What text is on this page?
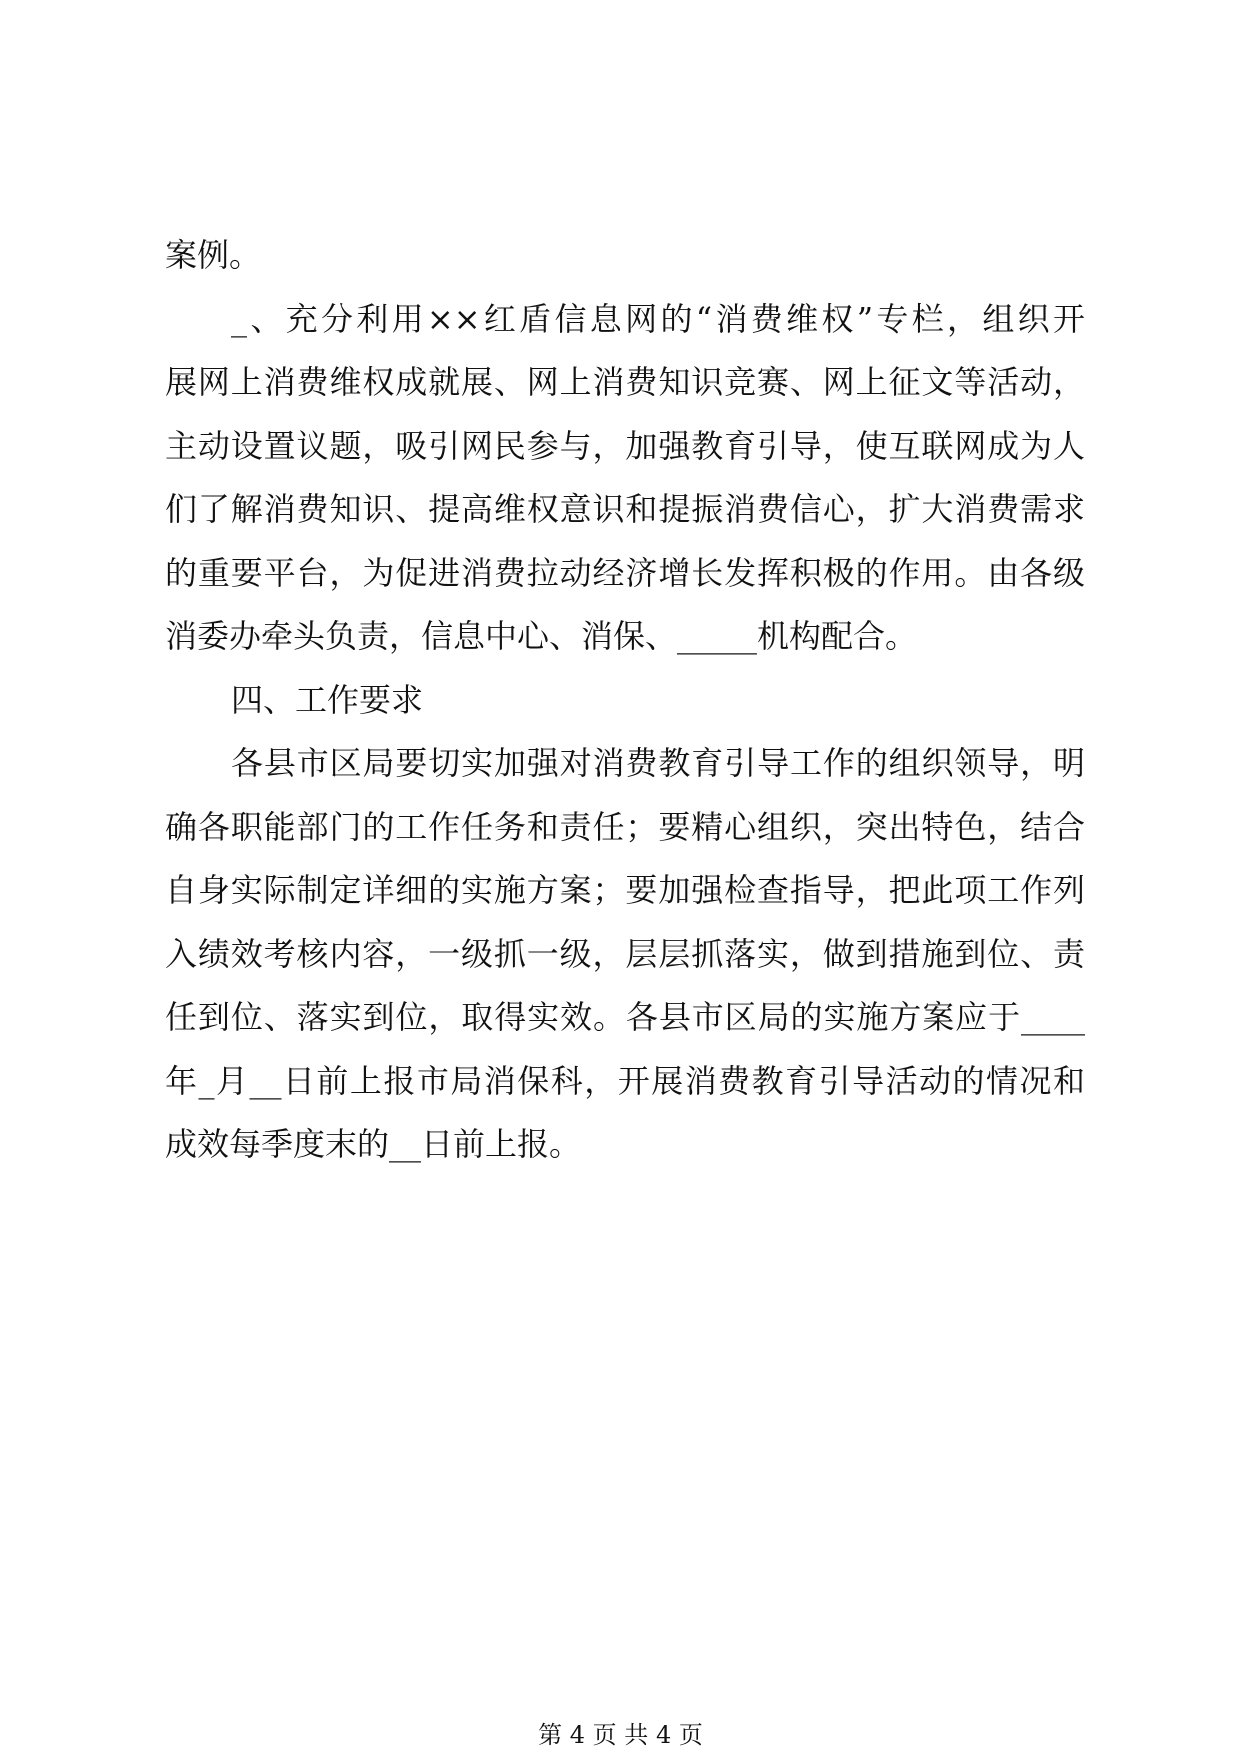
案例。
_、充分利用××红盾信息网的“消费维权”专栏，组织开
展网上消费维权成就展、网上消费知识竞赛、网上征文等活动，
主动设置议题，吸引网民参与，加强教育引导，使互联网成为人
们了解消费知识、提高维权意识和提振消费信心，扩大消费需求
的重要平台，为促进消费拉动经济增长发挥积极的作用。由各级
消委办牵头负责，信息中心、消保、_____机构配合。
四、工作要求
各县市区局要切实加强对消费教育引导工作的组织领导，明
确各职能部门的工作任务和责任；要精心组织，突出特色，结合
自身实际制定详细的实施方案；要加强检查指导，把此项工作列
入绩效考核内容，一级抓一级，层层抓落实，做到措施到位、责
任到位、落实到位，取得实效。各县市区局的实施方案应于____
年_月__日前上报市局消保科，开展消费教育引导活动的情况和
成效每季度末的__日前上报。
第 4 页 共 4 页
